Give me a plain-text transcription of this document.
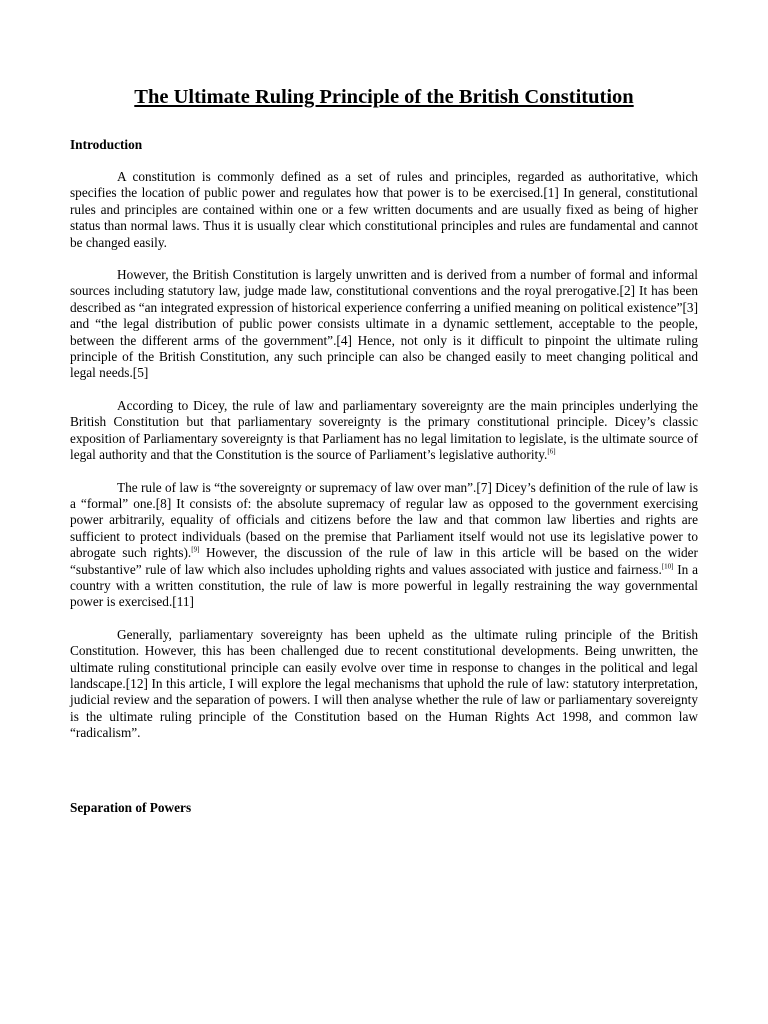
The Ultimate Ruling Principle of the British Constitution
Introduction

A constitution is commonly defined as a set of rules and principles, regarded as authoritative, which specifies the location of public power and regulates how that power is to be exercised.[1] In general, constitutional rules and principles are contained within one or a few written documents and are usually fixed as being of higher status than normal laws. Thus it is usually clear which constitutional principles and rules are fundamental and cannot be changed easily.

However, the British Constitution is largely unwritten and is derived from a number of formal and informal sources including statutory law, judge made law, constitutional conventions and the royal prerogative.[2] It has been described as “an integrated expression of historical experience conferring a unified meaning on political existence”[3] and “the legal distribution of public power consists ultimate in a dynamic settlement, acceptable to the people, between the different arms of the government”.[4] Hence, not only is it difficult to pinpoint the ultimate ruling principle of the British Constitution, any such principle can also be changed easily to meet changing political and legal needs.[5]

According to Dicey, the rule of law and parliamentary sovereignty are the main principles underlying the British Constitution but that parliamentary sovereignty is the primary constitutional principle. Dicey’s classic exposition of Parliamentary sovereignty is that Parliament has no legal limitation to legislate, is the ultimate source of legal authority and that the Constitution is the source of Parliament’s legislative authority.[6]

The rule of law is “the sovereignty or supremacy of law over man”.[7] Dicey’s definition of the rule of law is a “formal” one.[8] It consists of: the absolute supremacy of regular law as opposed to the government exercising power arbitrarily, equality of officials and citizens before the law and that common law liberties and rights are sufficient to protect individuals (based on the premise that Parliament itself would not use its legislative power to abrogate such rights).[9] However, the discussion of the rule of law in this article will be based on the wider “substantive” rule of law which also includes upholding rights and values associated with justice and fairness.[10] In a country with a written constitution, the rule of law is more powerful in legally restraining the way governmental power is exercised.[11]

Generally, parliamentary sovereignty has been upheld as the ultimate ruling principle of the British Constitution. However, this has been challenged due to recent constitutional developments. Being unwritten, the ultimate ruling constitutional principle can easily evolve over time in response to changes in the political and legal landscape.[12] In this article, I will explore the legal mechanisms that uphold the rule of law: statutory interpretation, judicial review and the separation of powers. I will then analyse whether the rule of law or parliamentary sovereignty is the ultimate ruling principle of the Constitution based on the Human Rights Act 1998, and common law “radicalism”.

Separation of Powers
